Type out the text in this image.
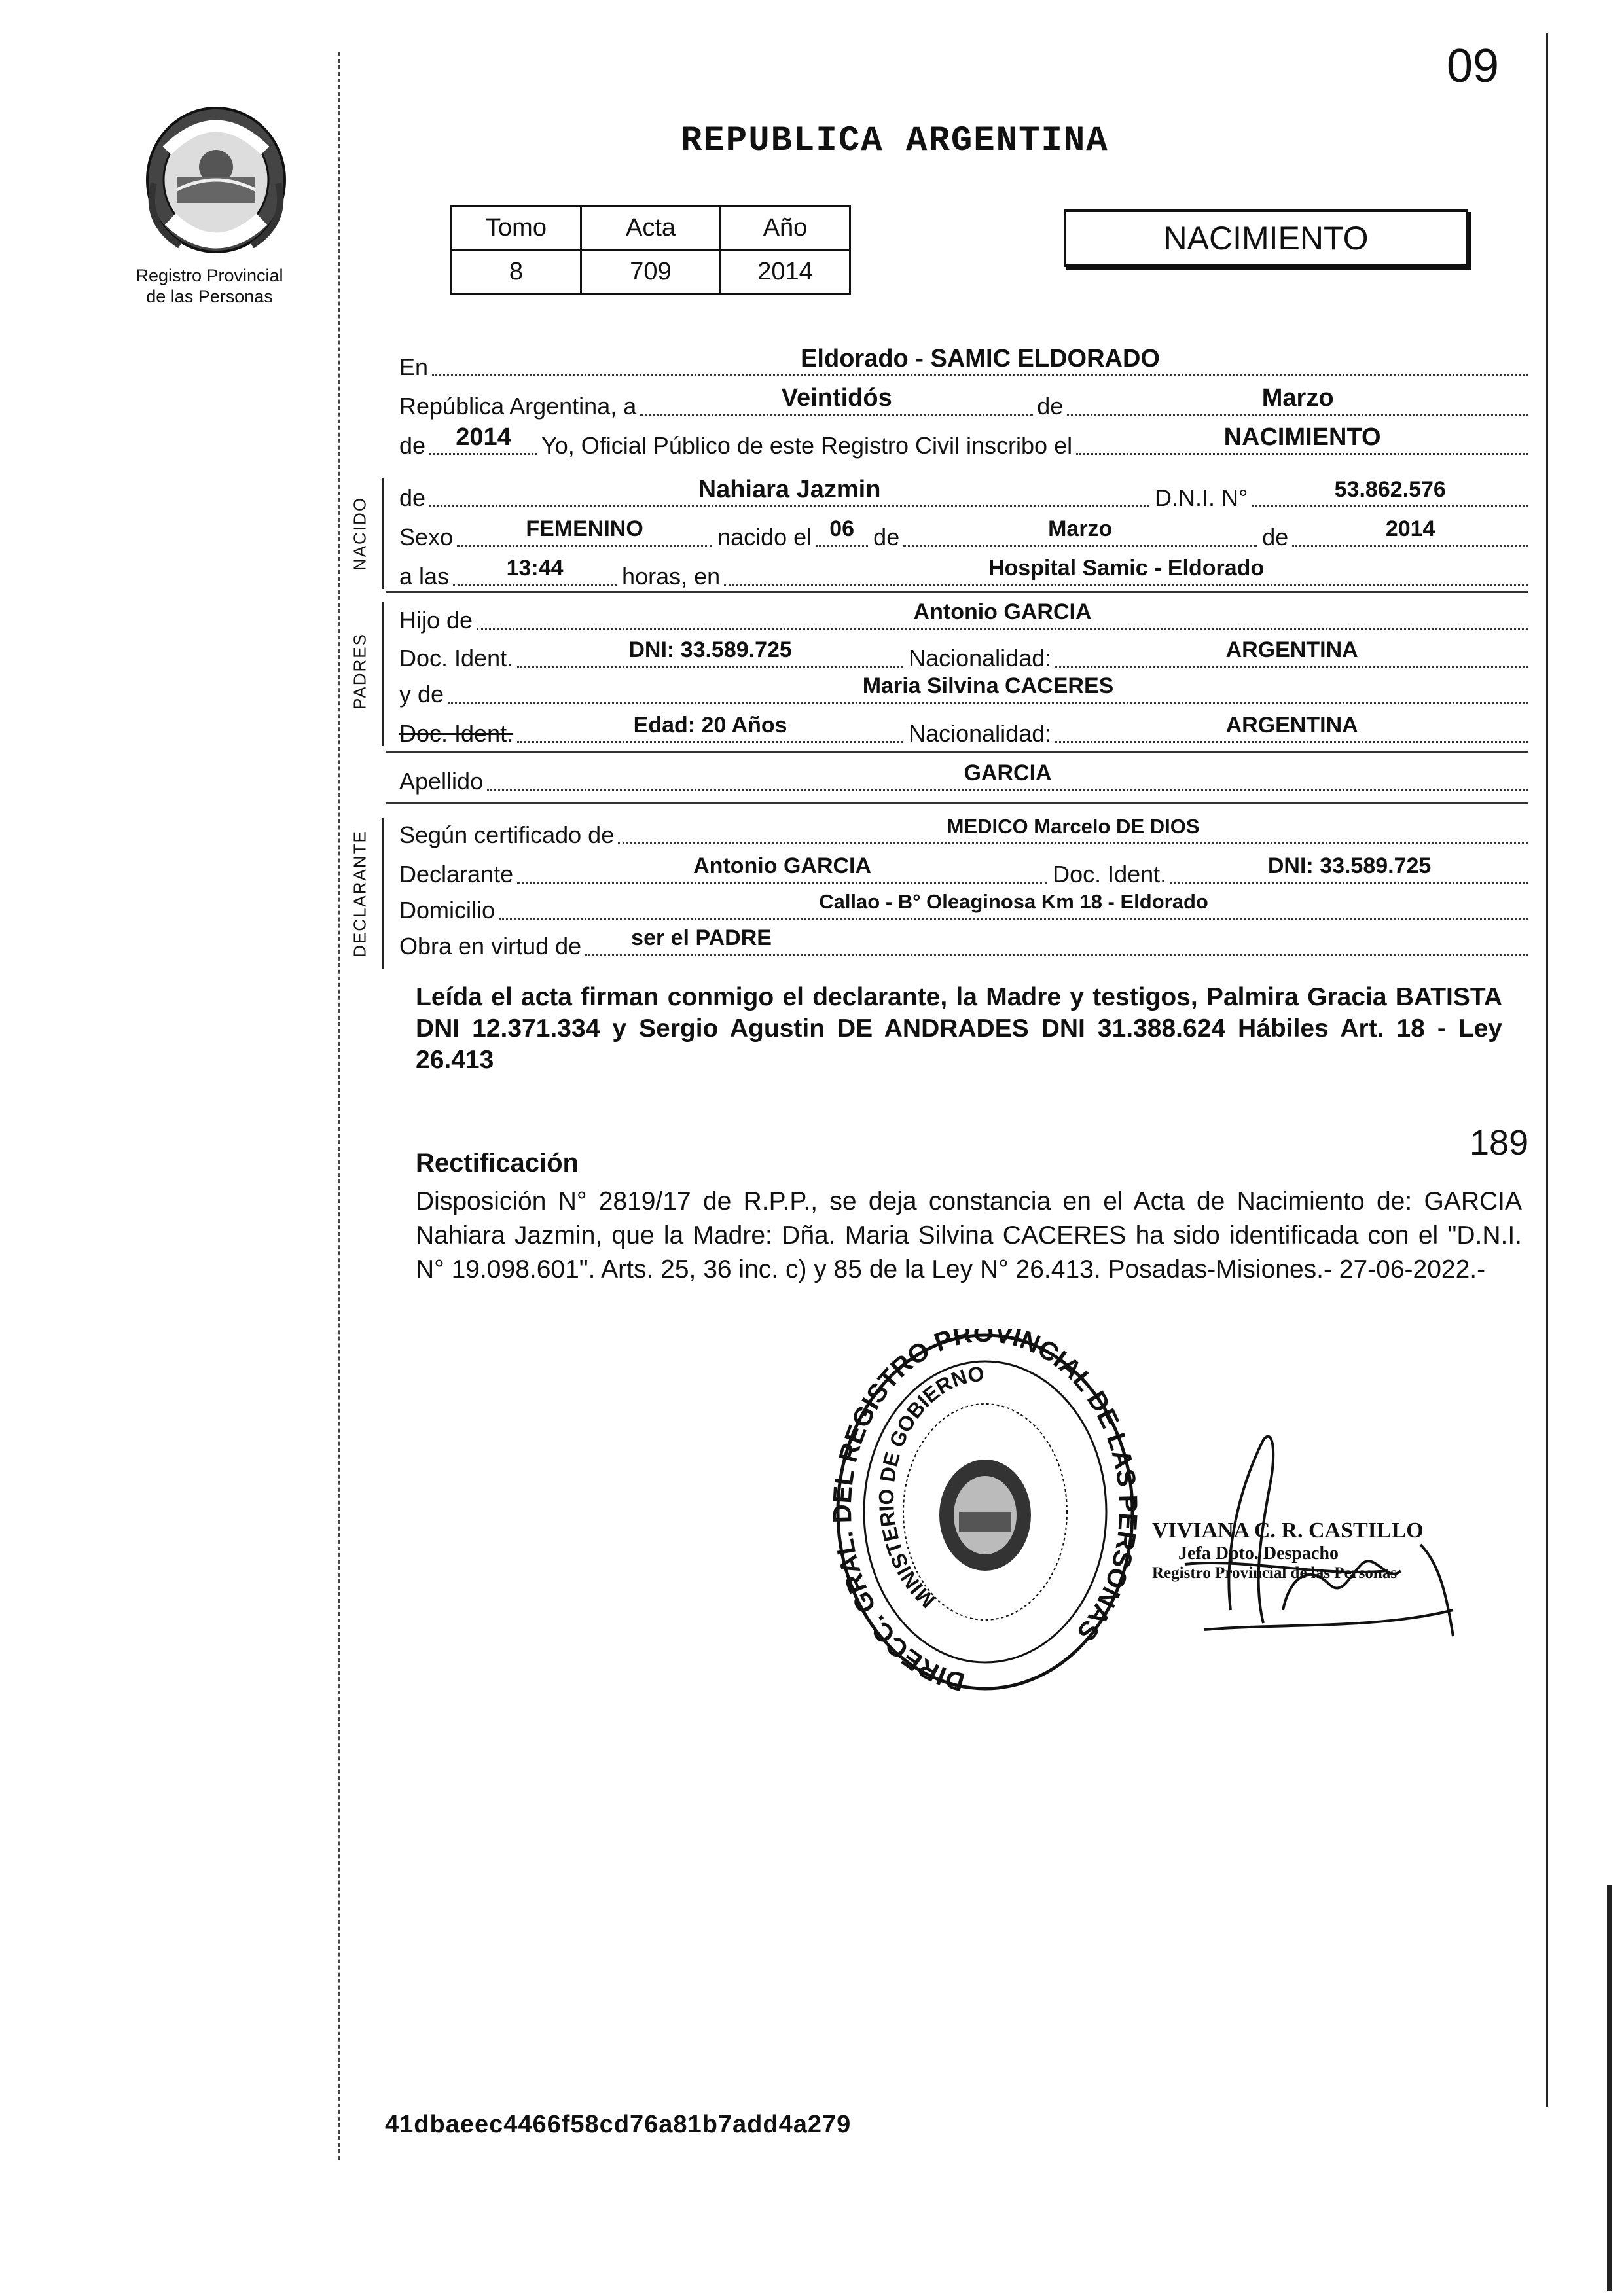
09
REPUBLICA ARGENTINA
Registro Provincial
de las Personas
Tomo	Acta	Año
8	709	2014
NACIMIENTO
En	Eldorado - SAMIC ELDORADO
República Argentina, a	Veintidós	de	Marzo
de	2014	Yo, Oficial Público de este Registro Civil inscribo el	NACIMIENTO
NACIDO de	Nahiara Jazmin	D.N.I. N°	53.862.576
Sexo	FEMENINO	nacido el 06 de	Marzo	de	2014
a las	13:44	horas, en	Hospital Samic - Eldorado
PADRES
Hijo de	Antonio GARCIA
Doc. Ident.	DNI: 33.589.725	Nacionalidad:	ARGENTINA
y de	Maria Silvina CACERES
Doc. Ident.	Edad: 20 Años	Nacionalidad:	ARGENTINA
Apellido	GARCIA
DECLARANTE Según certificado de	MEDICO Marcelo DE DIOS
Declarante	Antonio GARCIA	Doc. Ident.	DNI: 33.589.725
Domicilio	Callao - B° Oleaginosa Km 18 - Eldorado
Obra en virtud de ser el PADRE
Leída el acta firman conmigo el declarante, la Madre y testigos, Palmira Gracia BATISTA DNI 12.371.334 y Sergio Agustin DE ANDRADES DNI 31.388.624 Hábiles Art. 18 - Ley 26.413
189
Rectificación
Disposición N° 2819/17 de R.P.P., se deja constancia en el Acta de Nacimiento de: GARCIA Nahiara Jazmin, que la Madre: Dña. Maria Silvina CACERES ha sido identificada con el "D.N.I. N° 19.098.601". Arts. 25, 36 inc. c) y 85 de la Ley N° 26.413. Posadas-Misiones.- 27-06-2022.-
DIRECC. GRAL. L REGISTRO PROVINCIAL DE LAS RSONAS
MINISTERIO DE GOBIERNO
VIVIANA C. R. CASTILLO
Jefa Dpto. Despacho
Registro Provincial de las Personas
41dbaeec4466f58cd76a81b7add4a279
